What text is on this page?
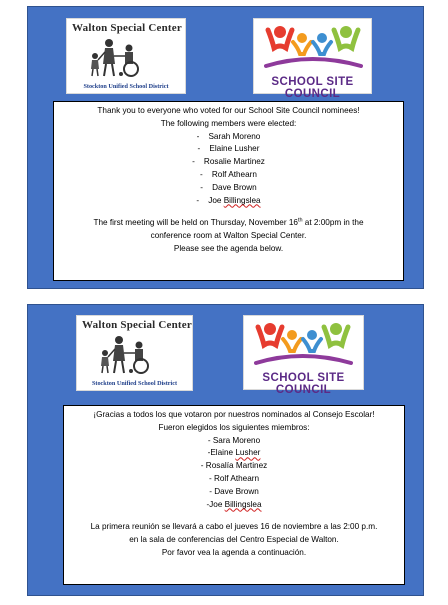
Walton Special Center
Stockton Unified School District	SCHOOL SITE COUNCIL
Thank you to everyone who voted for our School Site Council nominees!
The following members were elected:
- Sarah Moreno
- Elaine Lusher
- Rosalie Martinez
- Rolf Athearn
- Dave Brown
- Joe Billingslea
The first meeting will be held on Thursday, November 16th at 2:00pm in the
conference room at Walton Special Center.
Please see the agenda below.
Walton Special Center
Stockton Unified School District	SCHOOL SITE COUNCIL
¡Gracias a todos los que votaron por nuestros nominados al Consejo Escolar!
Fueron elegidos los siguientes miembros:
- Sara Moreno
-Elaine Lusher
- Rosalía Martinez
- Rolf Athearn
- Dave Brown
-Joe Billingslea
La primera reunión se llevará a cabo el jueves 16 de noviembre a las 2:00 p.m.
en la sala de conferencias del Centro Especial de Walton.
Por favor vea la agenda a continuación.
